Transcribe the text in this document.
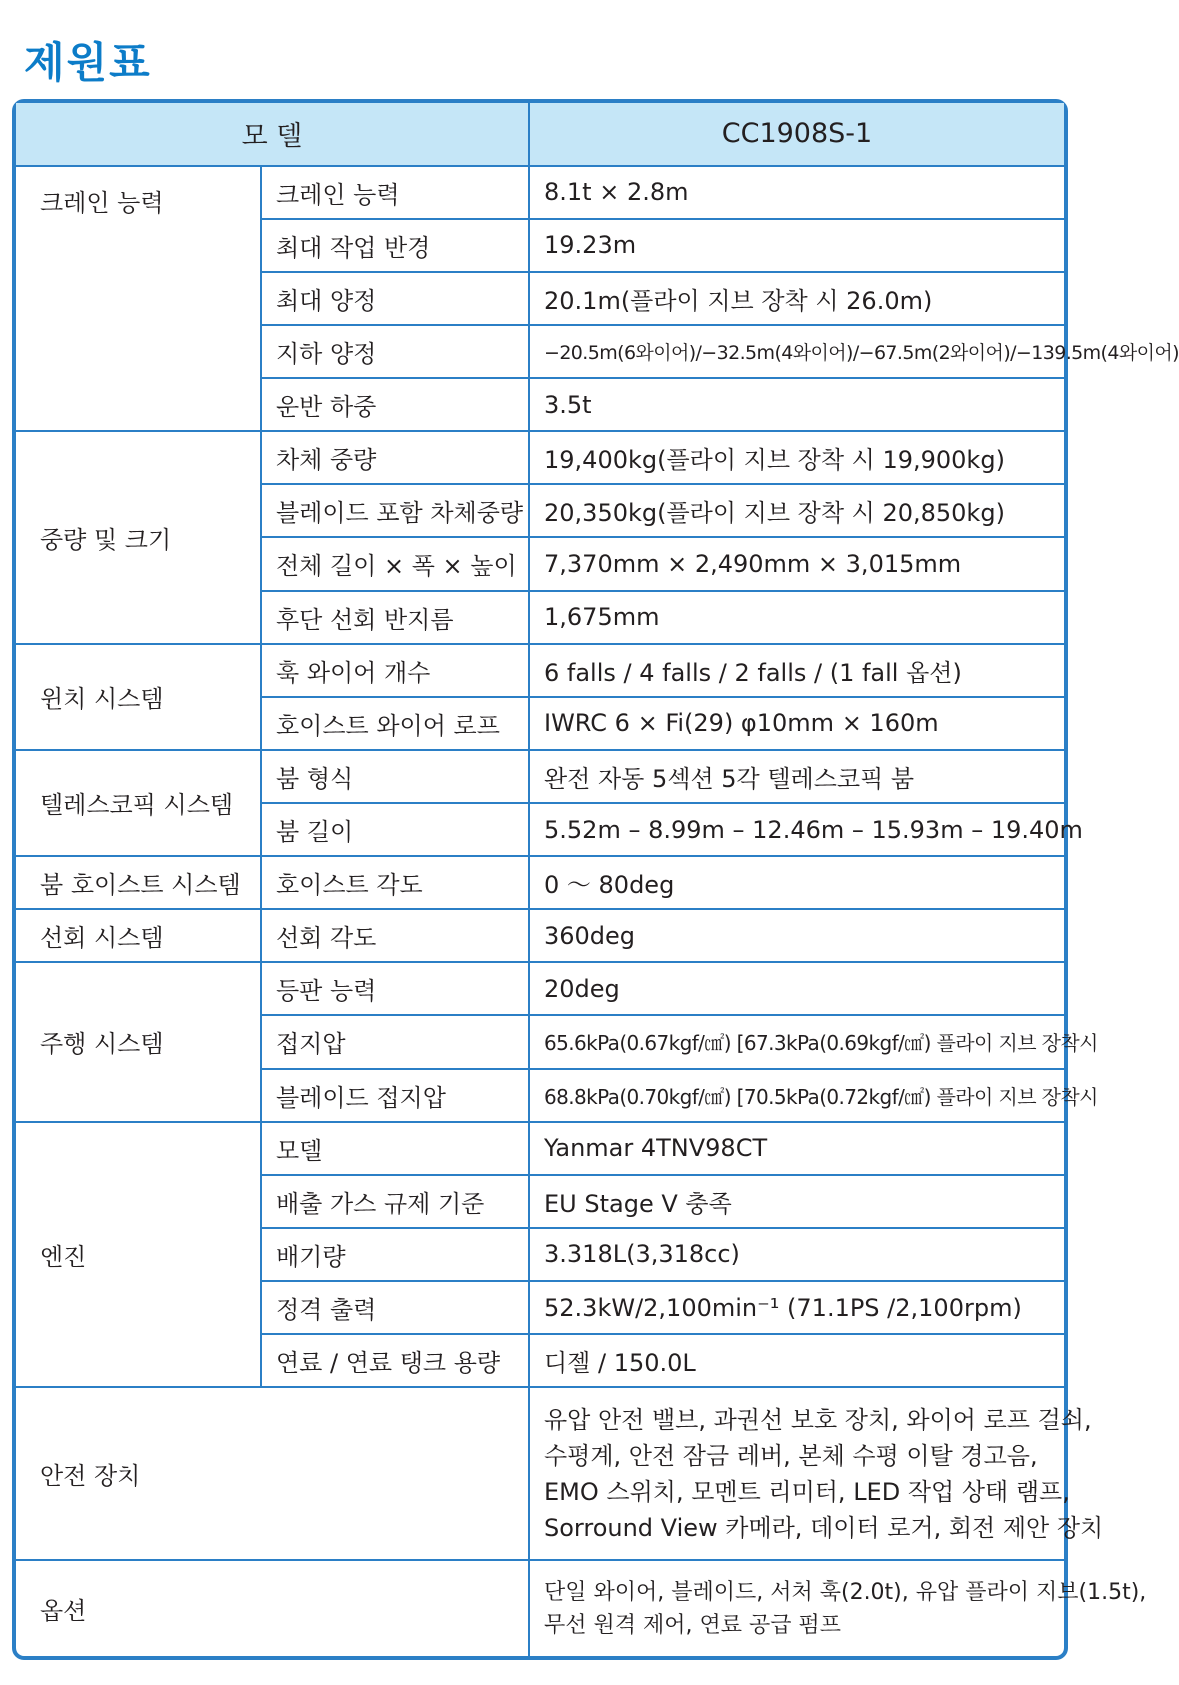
제원표
모 델		CC1908S-1
크레인 능력	크레인 능력	8.1t × 2.8m
	최대 작업 반경	19.23m
	최대 양정	20.1m(플라이 지브 장착 시 26.0m)
	지하 양정	−20.5m(6와이어)/−32.5m(4와이어)/−67.5m(2와이어)/−139.5m(4와이어)
	운반 하중	3.5t
중량 및 크기	차체 중량	19,400kg(플라이 지브 장착 시 19,900kg)
	블레이드 포함 차체중량	20,350kg(플라이 지브 장착 시 20,850kg)
	전체 길이 × 폭 × 높이	7,370mm × 2,490mm × 3,015mm
	후단 선회 반지름	1,675mm
윈치 시스템	훅 와이어 개수	6 falls / 4 falls / 2 falls / (1 fall 옵션)
	호이스트 와이어 로프	IWRC 6 × Fi(29) φ10mm × 160m
텔레스코픽 시스템	붐 형식	완전 자동 5섹션 5각 텔레스코픽 붐
	붐 길이	5.52m – 8.99m – 12.46m – 15.93m – 19.40m
붐 호이스트 시스템	호이스트 각도	0 ～ 80deg
선회 시스템	선회 각도	360deg
주행 시스템	등판 능력	20deg
	접지압	65.6kPa(0.67kgf/㎠) [67.3kPa(0.69kgf/㎠) 플라이 지브 장착시
	블레이드 접지압	68.8kPa(0.70kgf/㎠) [70.5kPa(0.72kgf/㎠) 플라이 지브 장착시
엔진	모델	Yanmar 4TNV98CT
	배출 가스 규제 기준	EU Stage V 충족
	배기량	3.318L(3,318cc)
	정격 출력	52.3kW/2,100min⁻¹ (71.1PS /2,100rpm)
	연료 / 연료 탱크 용량	디젤 / 150.0L
안전 장치		유압 안전 밸브, 과권선 보호 장치, 와이어 로프 걸쇠,
수평계, 안전 잠금 레버, 본체 수평 이탈 경고음,
EMO 스위치, 모멘트 리미터, LED 작업 상태 램프,
Sorround View 카메라, 데이터 로거, 회전 제안 장치

옵션		단일 와이어, 블레이드, 서처 훅(2.0t), 유압 플라이 지브(1.5t),
무선 원격 제어, 연료 공급 펌프
